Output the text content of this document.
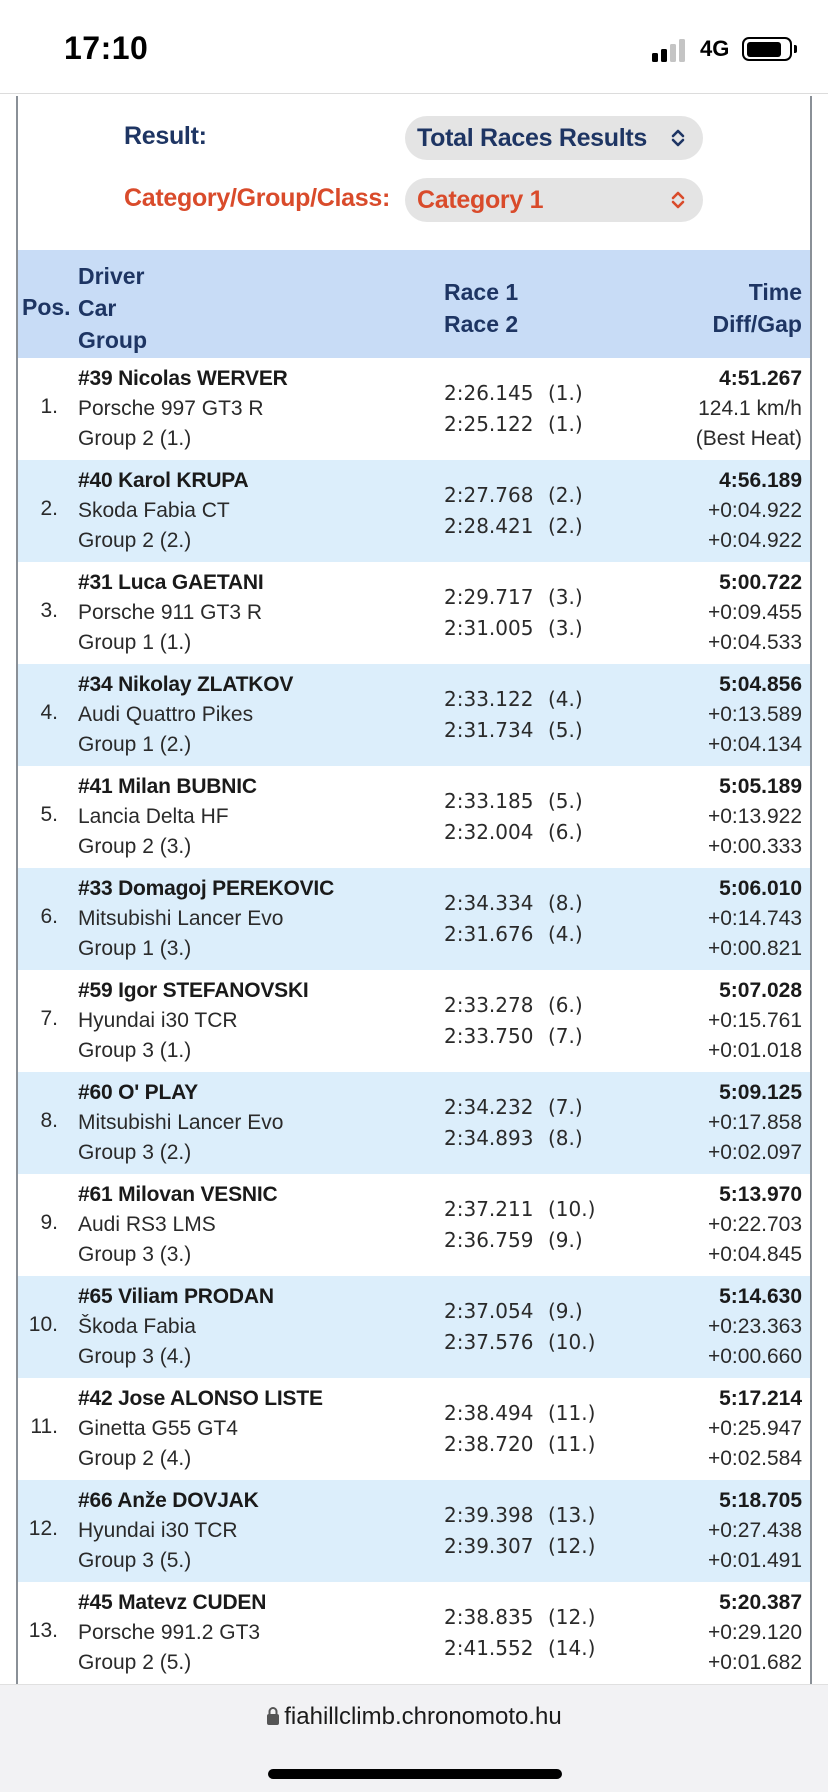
17:10	4G
Result:	Total Races Results
Category/Group/Class: Category 1
Pos.
Driver
Car
Group
Race 1
Race 2
Time
Diff/Gap
1.
#39 Nicolas WERVER
Porsche 997 GT3 R
Group 2 (1.)
2:26.145 (1.)
2:25.122 (1.)
4:51.267
124.1 km/h
(Best Heat)
2.
#40 Karol KRUPA
Skoda Fabia CT
Group 2 (2.)
2:27.768 (2.)
2:28.421 (2.)
4:56.189
+0:04.922
+0:04.922
3.
#31 Luca GAETANI
Porsche 911 GT3 R
Group 1 (1.)
2:29.717 (3.)
2:31.005 (3.)
5:00.722
+0:09.455
+0:04.533
4.
#34 Nikolay ZLATKOV
Audi Quattro Pikes
Group 1 (2.)
2:33.122 (4.)
2:31.734 (5.)
5:04.856
+0:13.589
+0:04.134
5.
#41 Milan BUBNIC
Lancia Delta HF
Group 2 (3.)
2:33.185 (5.)
2:32.004 (6.)
5:05.189
+0:13.922
+0:00.333
6.
#33 Domagoj PEREKOVIC
Mitsubishi Lancer Evo
Group 1 (3.)
2:34.334 (8.)
2:31.676 (4.)
5:06.010
+0:14.743
+0:00.821
7.
#59 Igor STEFANOVSKI
Hyundai i30 TCR
Group 3 (1.)
2:33.278 (6.)
2:33.750 (7.)
5:07.028
+0:15.761
+0:01.018
8.
#60 O' PLAY
Mitsubishi Lancer Evo
Group 3 (2.)
2:34.232 (7.)
2:34.893 (8.)
5:09.125
+0:17.858
+0:02.097
9.
#61 Milovan VESNIC
Audi RS3 LMS
Group 3 (3.)
2:37.211 (10.)
2:36.759 (9.)
5:13.970
+0:22.703
+0:04.845
10.
#65 Viliam PRODAN
Škoda Fabia
Group 3 (4.)
2:37.054 (9.)
2:37.576 (10.)
5:14.630
+0:23.363
+0:00.660
11.
#42 Jose ALONSO LISTE
Ginetta G55 GT4
Group 2 (4.)
2:38.494 (11.)
2:38.720 (11.)
5:17.214
+0:25.947
+0:02.584
12.
#66 Anže DOVJAK
Hyundai i30 TCR
Group 3 (5.)
2:39.398 (13.)
2:39.307 (12.)
5:18.705
+0:27.438
+0:01.491
13.
#45 Matevz CUDEN
Porsche 991.2 GT3
Group 2 (5.)
2:38.835 (12.)
2:41.552 (14.)
5:20.387
+0:29.120
+0:01.682
fiahillclimb.chronomoto.hu
